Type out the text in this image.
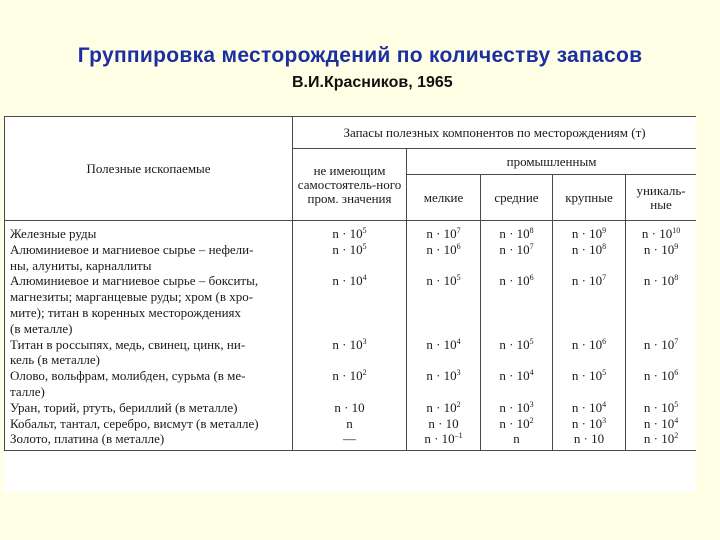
Группировка месторождений по количеству запасов
В.И.Красников, 1965
Полезные ископаемые	Запасы полезных компонентов по месторождениям (т)				
	не имеющим самостоятель-ного пром. значения	промышленным			
		мелкие	средние	крупные	уникаль-ные

Железные руды	$n \cdot 10^5$	$n \cdot 10^7$	$n \cdot 10^8$	$n \cdot 10^9$	$n \cdot 10^{10}$

Алюминиевое и магниевое сырье – нефели-
ны, алуниты, карналлиты	$n \cdot 10^5$	$n \cdot 10^6$	$n \cdot 10^7$	$n \cdot 10^8$	$n \cdot 10^9$

Алюминиевое и магниевое сырье – бокситы,
магнезиты; марганцевые руды; хром (в хро-
мите); титан в коренных месторождениях
(в металле)	$n \cdot 10^4$	$n \cdot 10^5$	$n \cdot 10^6$	$n \cdot 10^7$	$n \cdot 10^8$

Титан в россыпях, медь, свинец, цинк, ни-
кель (в металле)	$n \cdot 10^3$	$n \cdot 10^4$	$n \cdot 10^5$	$n \cdot 10^6$	$n \cdot 10^7$

Олово, вольфрам, молибден, сурьма (в ме-
талле)	$n \cdot 10^2$	$n \cdot 10^3$	$n \cdot 10^4$	$n \cdot 10^5$	$n \cdot 10^6$

Уран, торий, ртуть, бериллий (в металле)	n · 10	$n \cdot 10^2$	$n \cdot 10^3$	$n \cdot 10^4$	$n \cdot 10^5$

Кобальт, тантал, серебро, висмут (в металле)	n	n · 10	$n \cdot 10^2$	$n \cdot 10^3$	$n \cdot 10^4$

Золото, платина (в металле)	—	$n \cdot 10^{-1}$	n	n · 10	$n \cdot 10^2$
